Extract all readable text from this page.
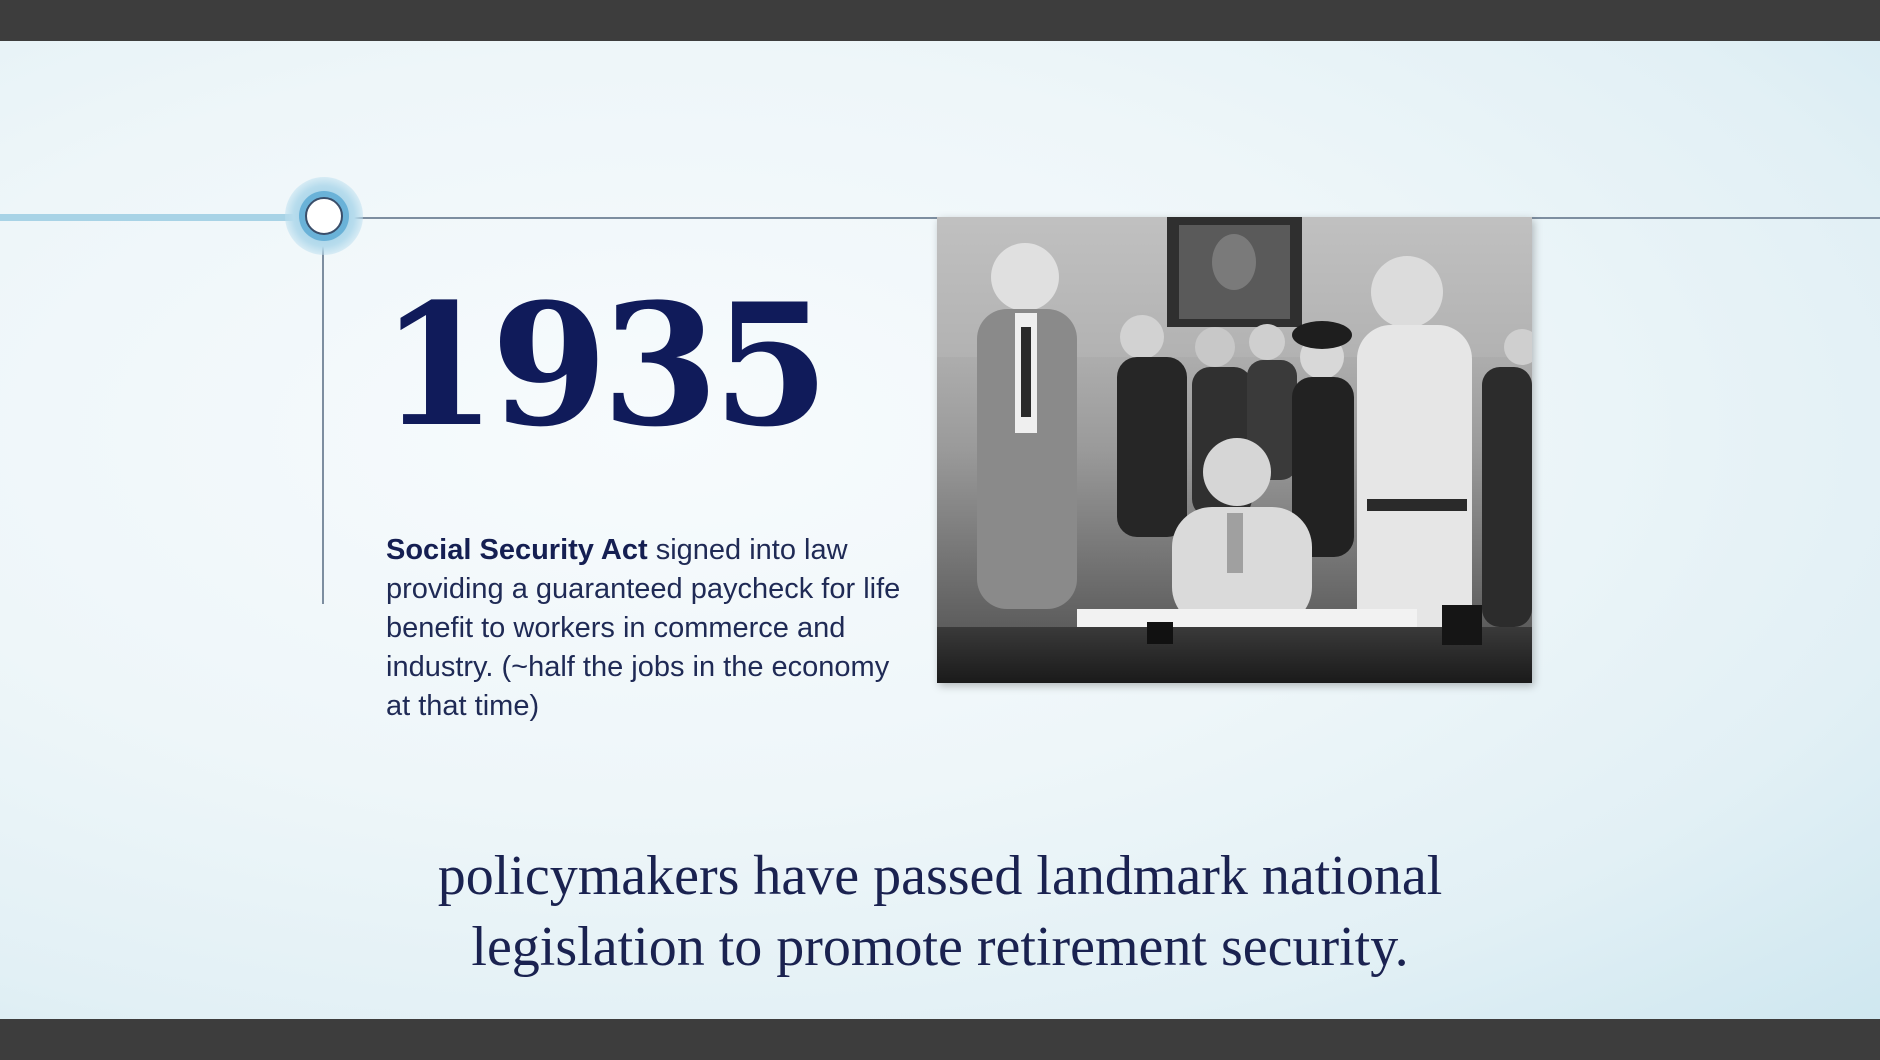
1935
Social Security Act signed into law providing a guaranteed paycheck for life benefit to workers in commerce and industry. (~half the jobs in the economy at that time)
policymakers have passed landmark national
legislation to promote retirement security.
